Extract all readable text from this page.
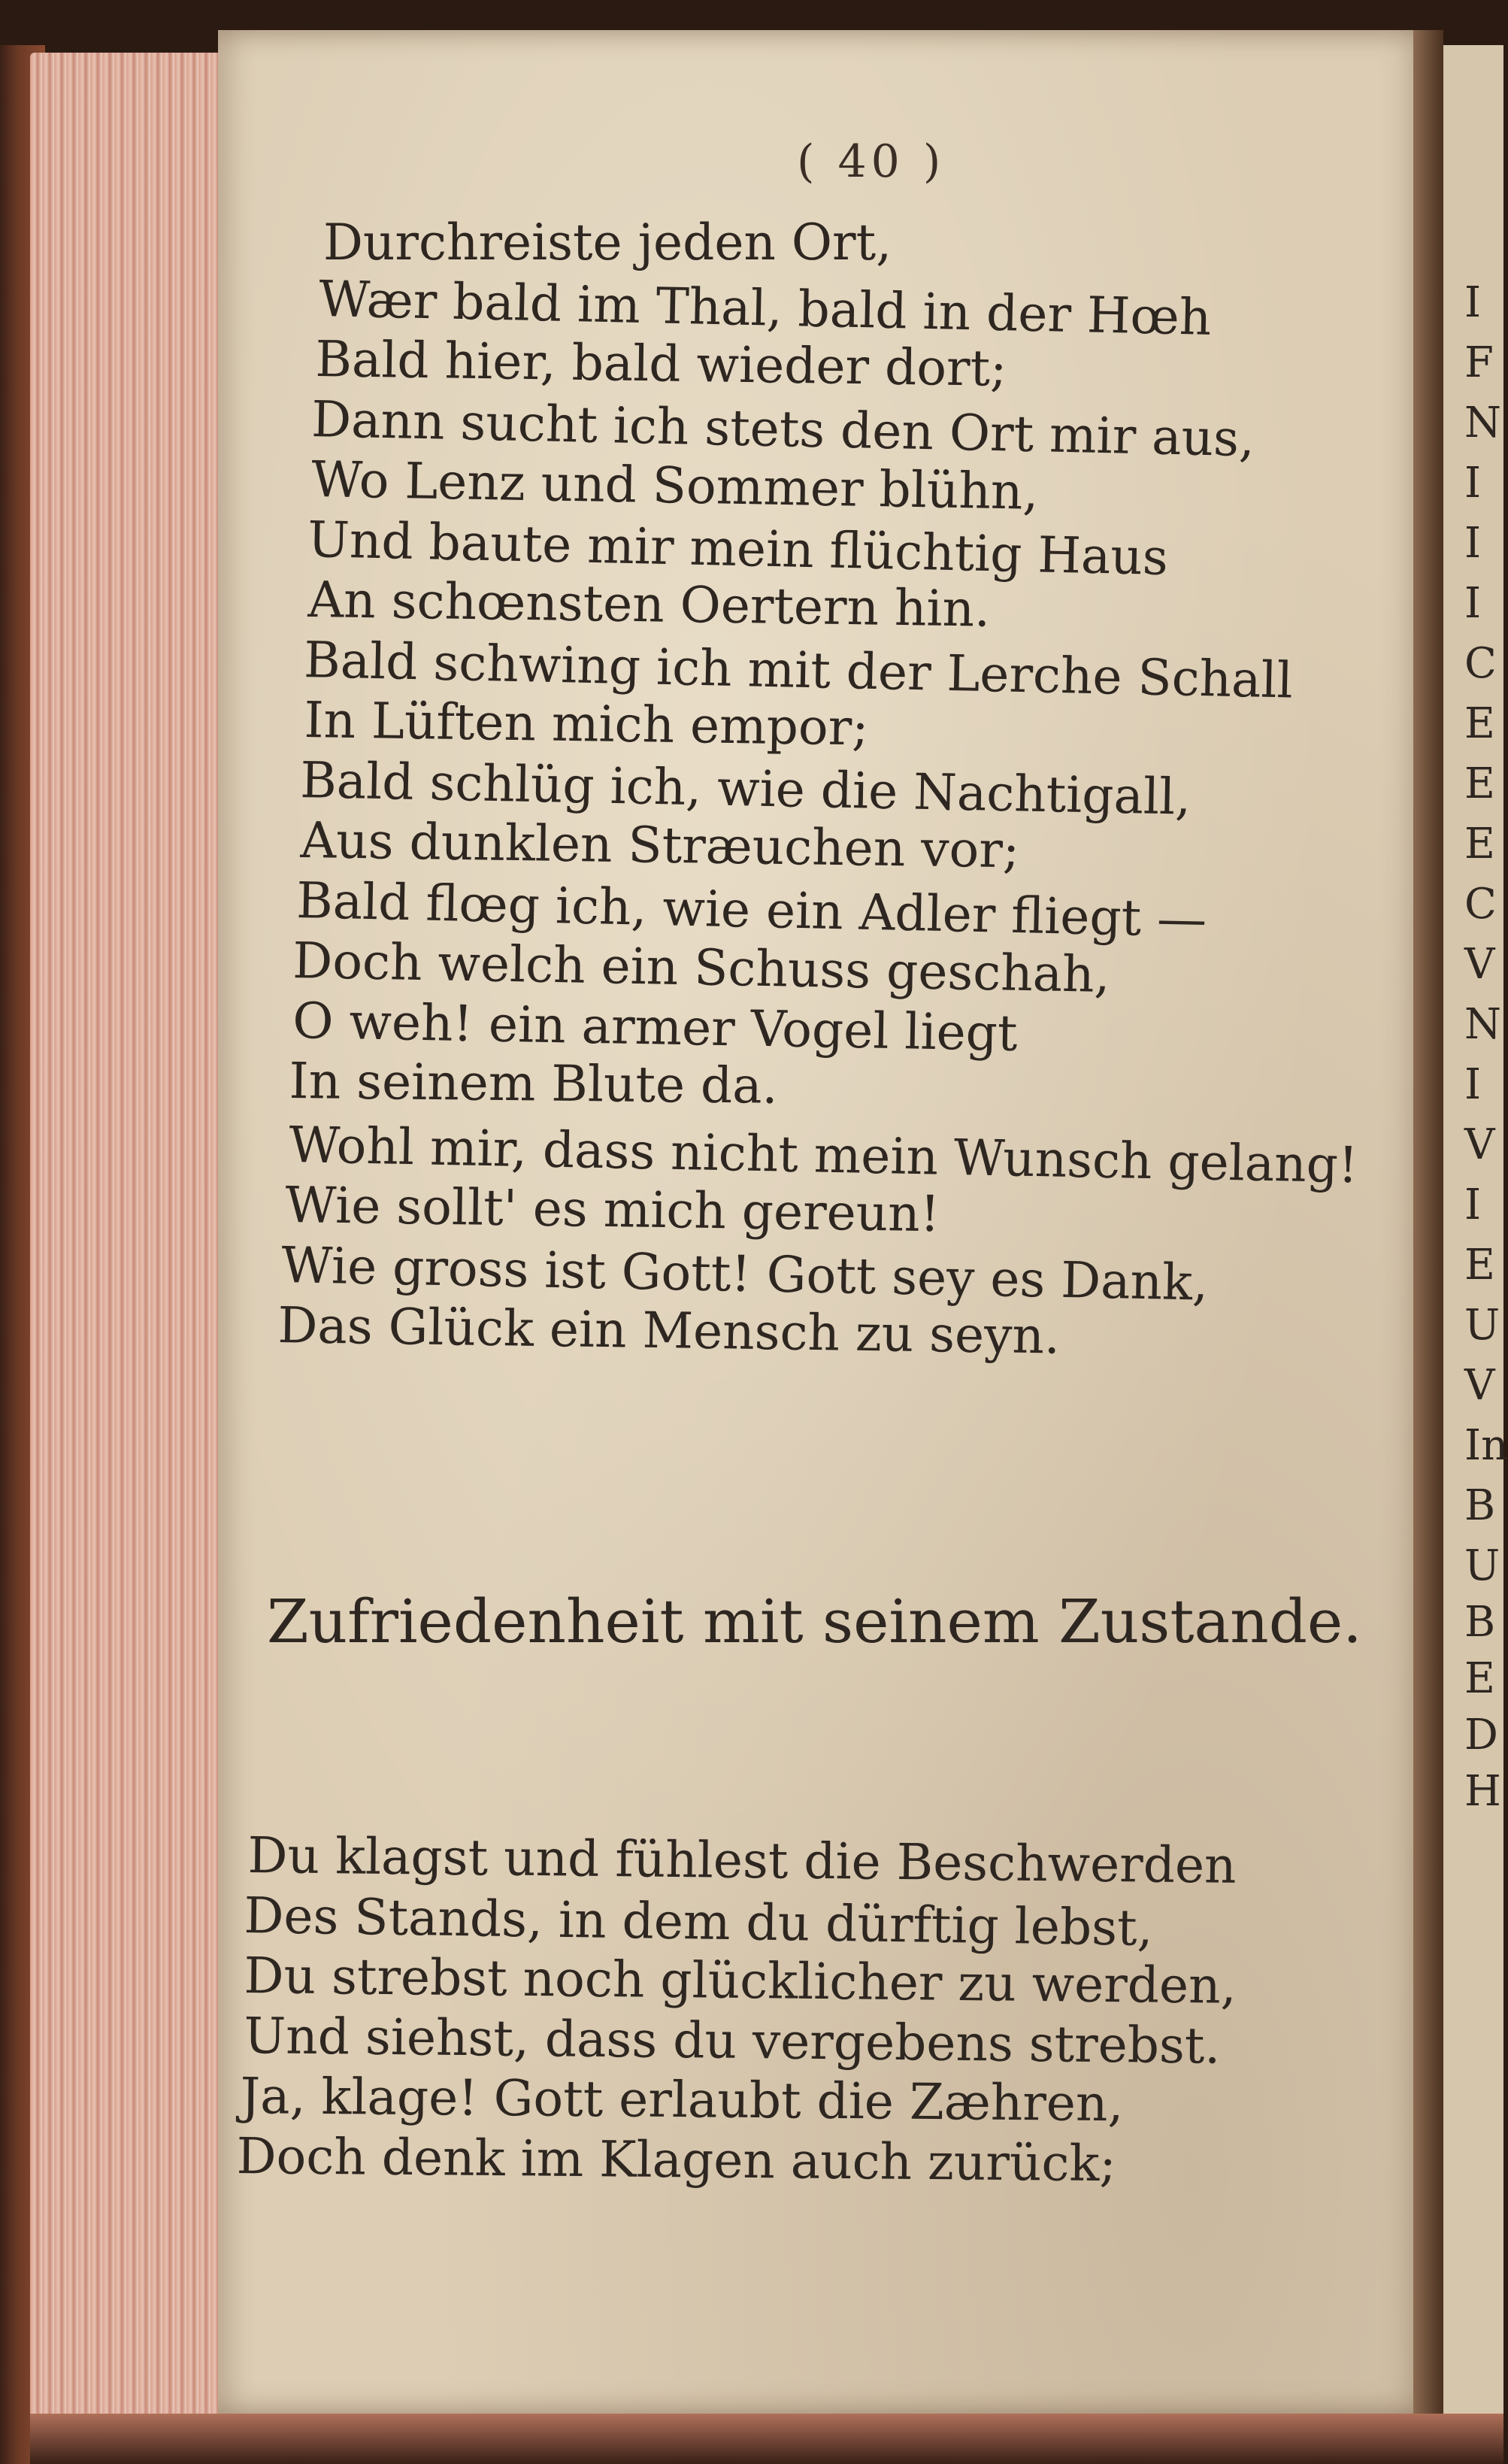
( 40 )
Durchreiste jeden Ort,
Wær bald im Thal, bald in der Hœh
Bald hier, bald wieder dort;
Dann sucht ich stets den Ort mir aus,
Wo Lenz und Sommer blühn,
Und baute mir mein flüchtig Haus
An schœnsten Oertern hin.
Bald schwing ich mit der Lerche Schall
In Lüften mich empor;
Bald schlüg ich, wie die Nachtigall,
Aus dunklen Stræuchen vor;
Bald flœg ich, wie ein Adler fliegt —
Doch welch ein Schuss geschah,
O weh! ein armer Vogel liegt
In seinem Blute da.
Wohl mir, dass nicht mein Wunsch gelang!
Wie sollt' es mich gereun!
Wie gross ist Gott! Gott sey es Dank,
Das Glück ein Mensch zu seyn.
Zufriedenheit mit seinem Zustande.
Du klagst und fühlest die Beschwerden
Des Stands, in dem du dürftig lebst,
Du strebst noch glücklicher zu werden,
Und siehst, dass du vergebens strebst.
Ja, klage! Gott erlaubt die Zæhren,
Doch denk im Klagen auch zurück;
I
F
N
I
I
I
C
E
E
E
C
V
N
I
V
I
E
U
V
In
B
U
B
E
D
H
